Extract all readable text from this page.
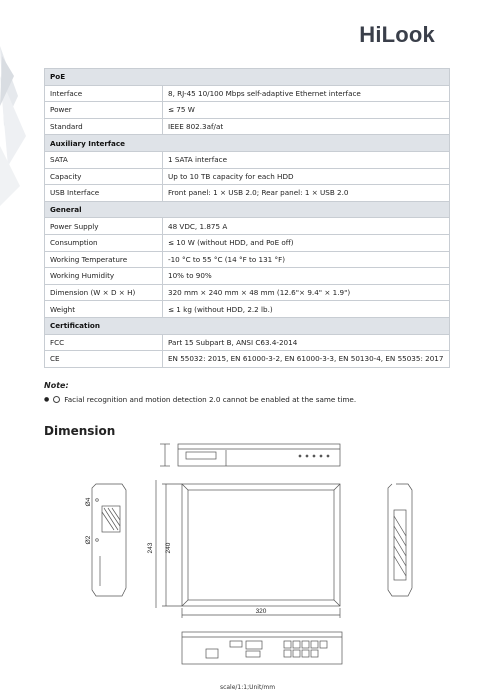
HiLook
PoE	
Interface	8, RJ-45 10/100 Mbps self-adaptive Ethernet interface
Power	≤ 75 W
Standard	IEEE 802.3af/at
Auxiliary Interface	
SATA	1 SATA interface
Capacity	Up to 10 TB capacity for each HDD
USB Interface	Front panel: 1 × USB 2.0; Rear panel: 1 × USB 2.0
General	
Power Supply	48 VDC, 1.875 A
Consumption	≤ 10 W (without HDD, and PoE off)
Working Temperature	-10 °C to 55 °C (14 °F to 131 °F)
Working Humidity	10% to 90%
Dimension (W × D × H)	320 mm × 240 mm × 48 mm (12.6"× 9.4" × 1.9")
Weight	≤ 1 kg (without HDD, 2.2 lb.)
Certification	
FCC	Part 15 Subpart B, ANSI C63.4-2014
CE	EN 55032: 2015, EN 61000-3-2, EN 61000-3-3, EN 50130-4, EN 55035: 2017
Note:
● Facial recognition and motion detection 2.0 cannot be enabled at the same time.
Dimension
320
240
243
Ø4
Ø2
scale/1:1;Unit/mm
